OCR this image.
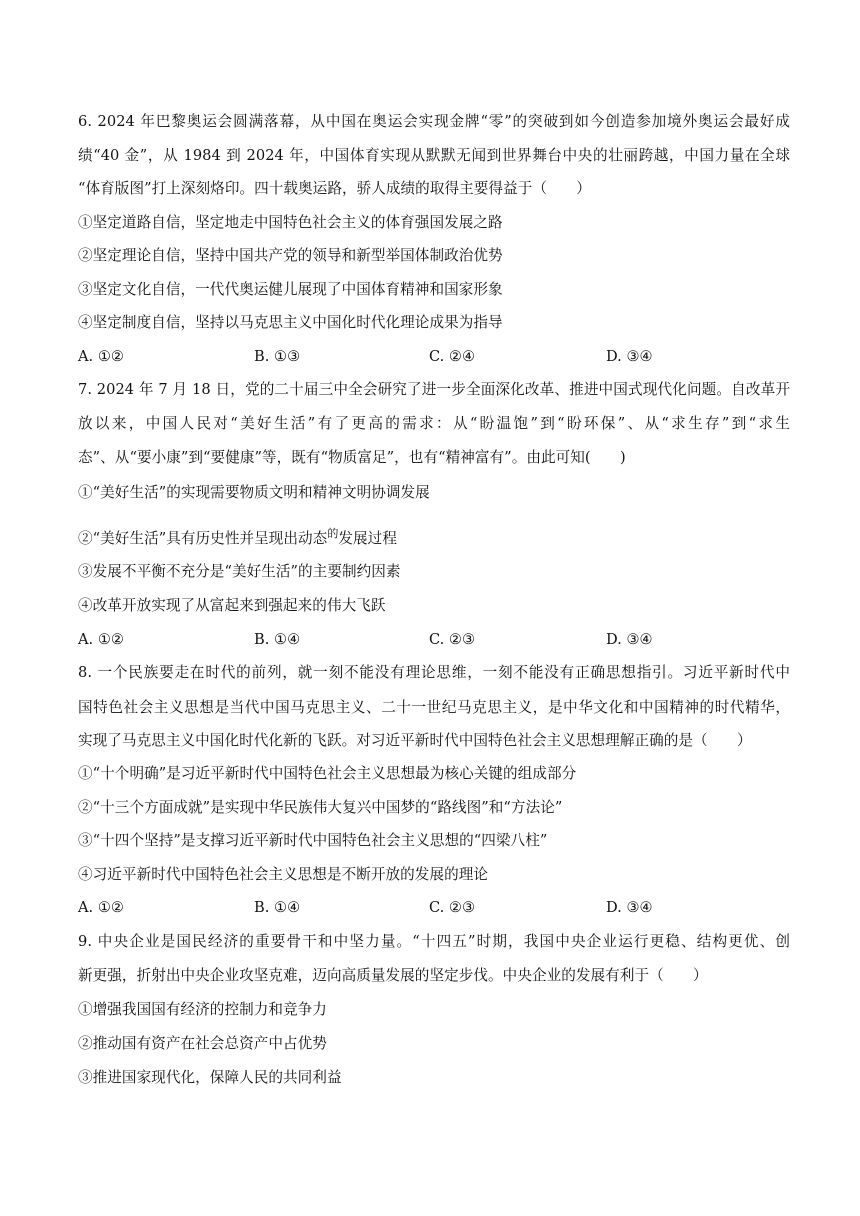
6. 2024 年巴黎奥运会圆满落幕，从中国在奥运会实现金牌“零”的突破到如今创造参加境外奥运会最好成
绩“40 金”，从 1984 到 2024 年，中国体育实现从默默无闻到世界舞台中央的壮丽跨越，中国力量在全球
“体育版图”打上深刻烙印。四十载奥运路，骄人成绩的取得主要得益于（　　）
①坚定道路自信，坚定地走中国特色社会主义的体育强国发展之路
②坚定理论自信，坚持中国共产党的领导和新型举国体制政治优势
③坚定文化自信，一代代奥运健儿展现了中国体育精神和国家形象
④坚定制度自信，坚持以马克思主义中国化时代化理论成果为指导
A. ①②	B. ①③	C. ②④	D. ③④
7. 2024 年 7 月 18 日，党的二十届三中全会研究了进一步全面深化改革、推进中国式现代化问题。自改革开
放以来，中国人民对“美好生活”有了更高的需求：从“盼温饱”到“盼环保”、从“求生存”到“求生
态”、从“要小康”到“要健康”等，既有“物质富足”，也有“精神富有”。由此可知(　　)
①“美好生活”的实现需要物质文明和精神文明协调发展
②“美好生活”具有历史性并呈现出动态$^的$发展过程
③发展不平衡不充分是“美好生活”的主要制约因素
④改革开放实现了从富起来到强起来的伟大飞跃
A. ①②	B. ①④	C. ②③	D. ③④
8. 一个民族要走在时代的前列，就一刻不能没有理论思维，一刻不能没有正确思想指引。习近平新时代中
国特色社会主义思想是当代中国马克思主义、二十一世纪马克思主义，是中华文化和中国精神的时代精华，
实现了马克思主义中国化时代化新的飞跃。对习近平新时代中国特色社会主义思想理解正确的是（　　）
①“十个明确”是习近平新时代中国特色社会主义思想最为核心关键的组成部分
②“十三个方面成就”是实现中华民族伟大复兴中国梦的“路线图”和“方法论”
③“十四个坚持”是支撑习近平新时代中国特色社会主义思想的“四梁八柱”
④习近平新时代中国特色社会主义思想是不断开放的发展的理论
A. ①②	B. ①④	C. ②③	D. ③④
9. 中央企业是国民经济的重要骨干和中坚力量。“十四五”时期，我国中央企业运行更稳、结构更优、创
新更强，折射出中央企业攻坚克难，迈向高质量发展的坚定步伐。中央企业的发展有利于（　　）
①增强我国国有经济的控制力和竞争力
②推动国有资产在社会总资产中占优势
③推进国家现代化，保障人民的共同利益
